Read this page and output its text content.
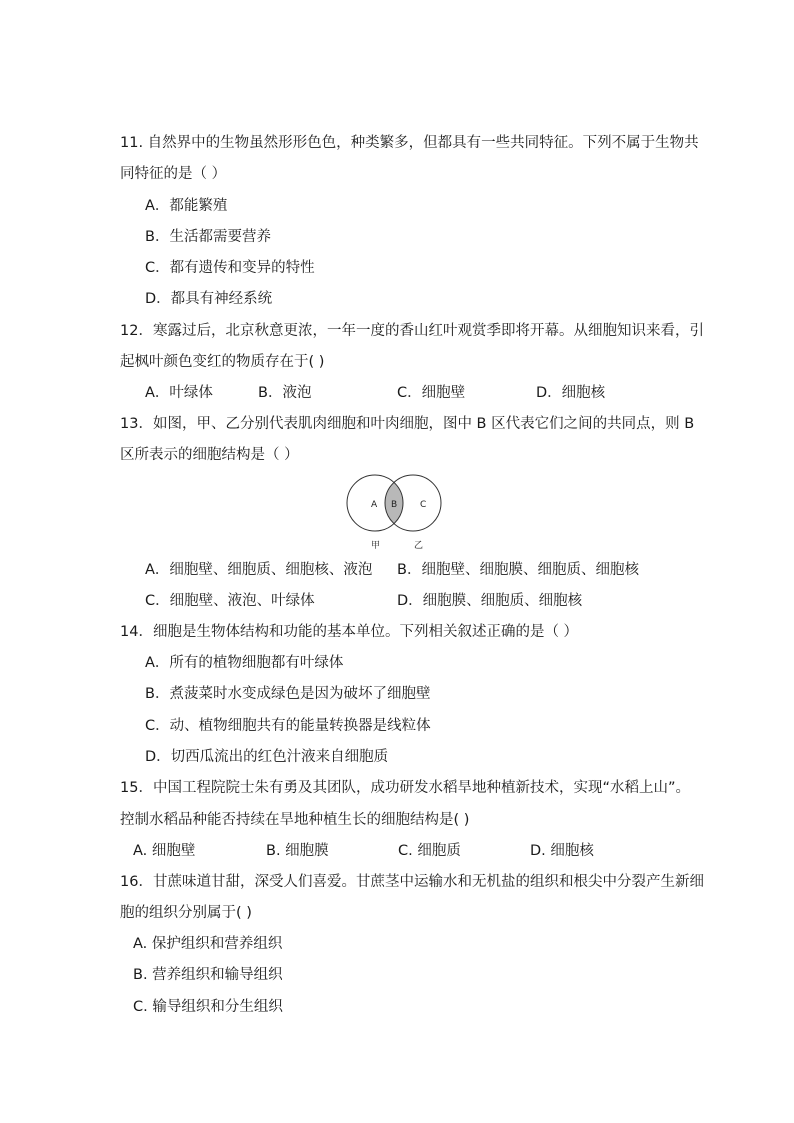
11. 自然界中的生物虽然形形色色，种类繁多，但都具有一些共同特征。下列不属于生物共
同特征的是（ ）
A．都能繁殖
B．生活都需要营养
C．都有遗传和变异的特性
D．都具有神经系统
12．寒露过后，北京秋意更浓，一年一度的香山红叶观赏季即将开幕。从细胞知识来看，引
起枫叶颜色变红的物质存在于( )
A．叶绿体	B．液泡	C．细胞壁	D．细胞核
13．如图，甲、乙分别代表肌肉细胞和叶肉细胞，图中 B 区代表它们之间的共同点，则 B
区所表示的细胞结构是（ ）
A B	C
甲	乙
A．细胞壁、细胞质、细胞核、液泡 B．细胞壁、细胞膜、细胞质、细胞核
C．细胞壁、液泡、叶绿体	D．细胞膜、细胞质、细胞核
14．细胞是生物体结构和功能的基本单位。下列相关叙述正确的是（ ）
A．所有的植物细胞都有叶绿体
B．煮菠菜时水变成绿色是因为破坏了细胞壁
C．动、植物细胞共有的能量转换器是线粒体
D．切西瓜流出的红色汁液来自细胞质
15．中国工程院院士朱有勇及其团队，成功研发水稻旱地种植新技术，实现“水稻上山”。
控制水稻品种能否持续在旱地种植生长的细胞结构是( )
A. 细胞壁	B. 细胞膜	C. 细胞质	D. 细胞核
16．甘蔗味道甘甜，深受人们喜爱。甘蔗茎中运输水和无机盐的组织和根尖中分裂产生新细
胞的组织分别属于( )
A. 保护组织和营养组织
B. 营养组织和输导组织
C. 输导组织和分生组织
